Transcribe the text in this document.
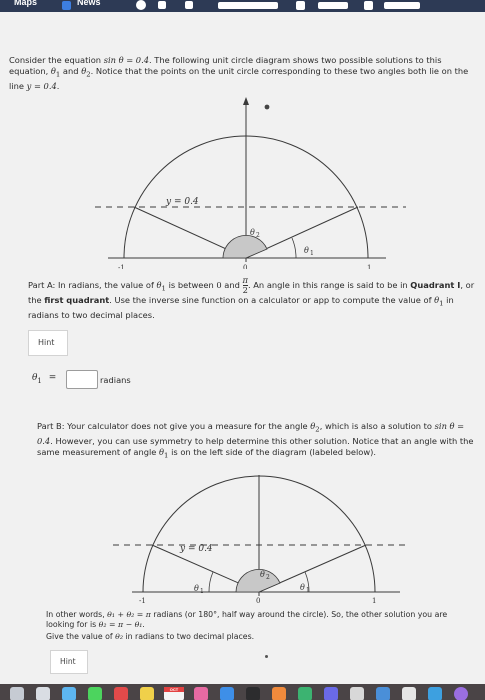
Maps	News
Consider the equation sin θ = 0.4. The following unit circle diagram shows two possible solutions to this equation, $\theta_1$ and $\theta_2$. Notice that the points on the unit circle corresponding to these two angles both lie on the line y = 0.4.
y = 0.4
θ 2
θ 1
-1	0	1
Part A: In radians, the value of $\theta_1$ is between 0 and $\frac{\pi}{2}$ . An angle in this range is said to be in Quadrant I, or the first quadrant. Use the inverse sine function on a calculator or app to compute the value of $\theta_1$ in radians to two decimal places.
Hint
$\theta_1$ =	radians
Part B: Your calculator does not give you a measure for the angle $\theta_2$, which is also a solution to sin θ = 0.4. However, you can use symmetry to help determine this other solution. Notice that an angle with the same measurement of angle $\theta_1$ is on the left side of the diagram (labeled below).
y = 0.4
θ 2
θ 1	θ 1
-1	0	1
In other words, θ₁ + θ₂ = π radians (or 180°, half way around the circle). So, the other solution you are looking for is θ₂ = π − θ₁.
Give the value of θ₂ in radians to two decimal places.
Hint
OCT
